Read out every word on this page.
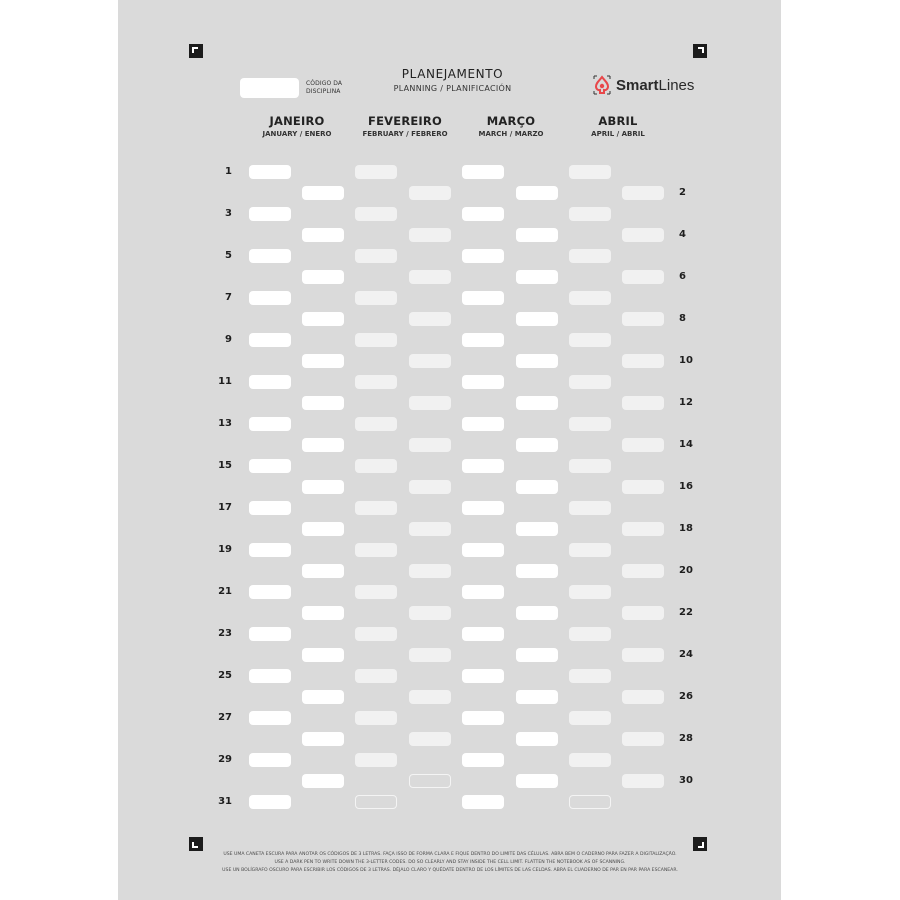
CÓDIGO DA
DISCIPLINA
PLANEJAMENTO
PLANNING / PLANIFICACIÓN	SmartLines
JANEIRO
JANUARY / ENERO
FEVEREIRO
FEBRUARY / FEBRERO
MARÇO
MARCH / MARZO
ABRIL
APRIL / ABRIL
1
2
3
4
5
6
7
8
9
10
11
12
13
14
15
16
17
18
19
20
21
22
23
24
25
26
27
28
29
30
31
USE UMA CANETA ESCURA PARA ANOTAR OS CÓDIGOS DE 3 LETRAS. FAÇA ISSO DE FORMA CLARA E FIQUE DENTRO DO LIMITE DAS CÉLULAS. ABRA BEM O CADERNO PARA FAZER A DIGITALIZAÇÃO.
USE A DARK PEN TO WRITE DOWN THE 3-LETTER CODES. DO SO CLEARLY AND STAY INSIDE THE CELL LIMIT. FLATTEN THE NOTEBOOK AS OF SCANNING.
USE UN BOLÍGRAFO OSCURO PARA ESCRIBIR LOS CÓDIGOS DE 3 LETRAS. DÉJALO CLARO Y QUÉDATE DENTRO DE LOS LÍMITES DE LAS CELDAS. ABRA EL CUADERNO DE PAR EN PAR PARA ESCANEAR.
